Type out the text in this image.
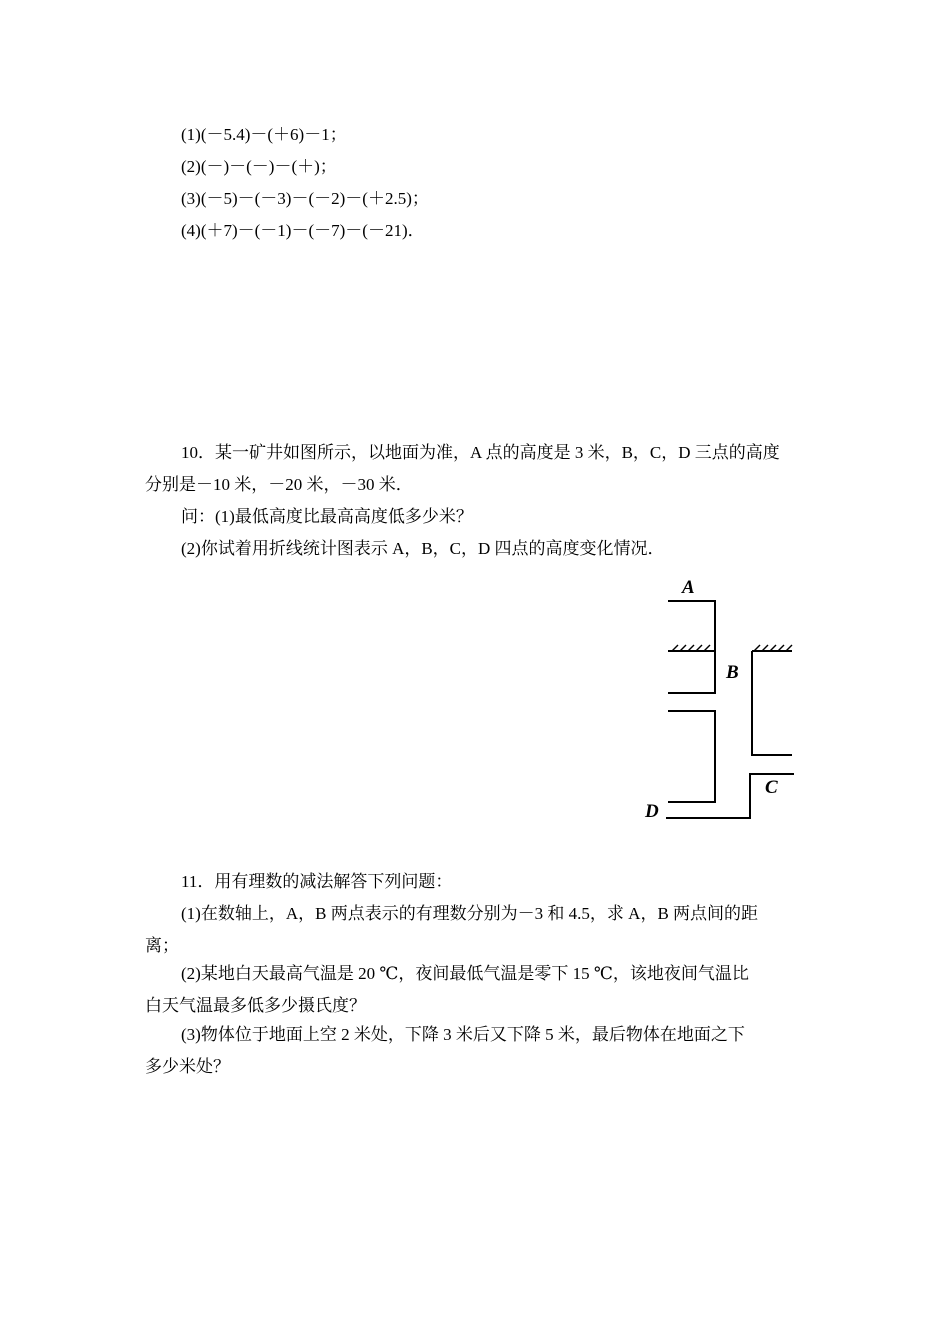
(1)(－5.4)－(＋6)－1；
(2)(－)－(－)－(＋)；
(3)(－5)－(－3)－(－2)－(＋2.5)；
(4)(＋7)－(－1)－(－7)－(－21)．
10．某一矿井如图所示，以地面为准，A 点的高度是 3 米，B，C，D 三点的高度
分别是－10 米，－20 米，－30 米．
问：(1)最低高度比最高高度低多少米？
(2)你试着用折线统计图表示 A，B，C，D 四点的高度变化情况．
A
B
C
D
11．用有理数的减法解答下列问题：
(1)在数轴上，A，B 两点表示的有理数分别为－3 和 4.5，求 A，B 两点间的距
离；
(2)某地白天最高气温是 20 ℃，夜间最低气温是零下 15 ℃，该地夜间气温比
白天气温最多低多少摄氏度？
(3)物体位于地面上空 2 米处，下降 3 米后又下降 5 米，最后物体在地面之下
多少米处？
